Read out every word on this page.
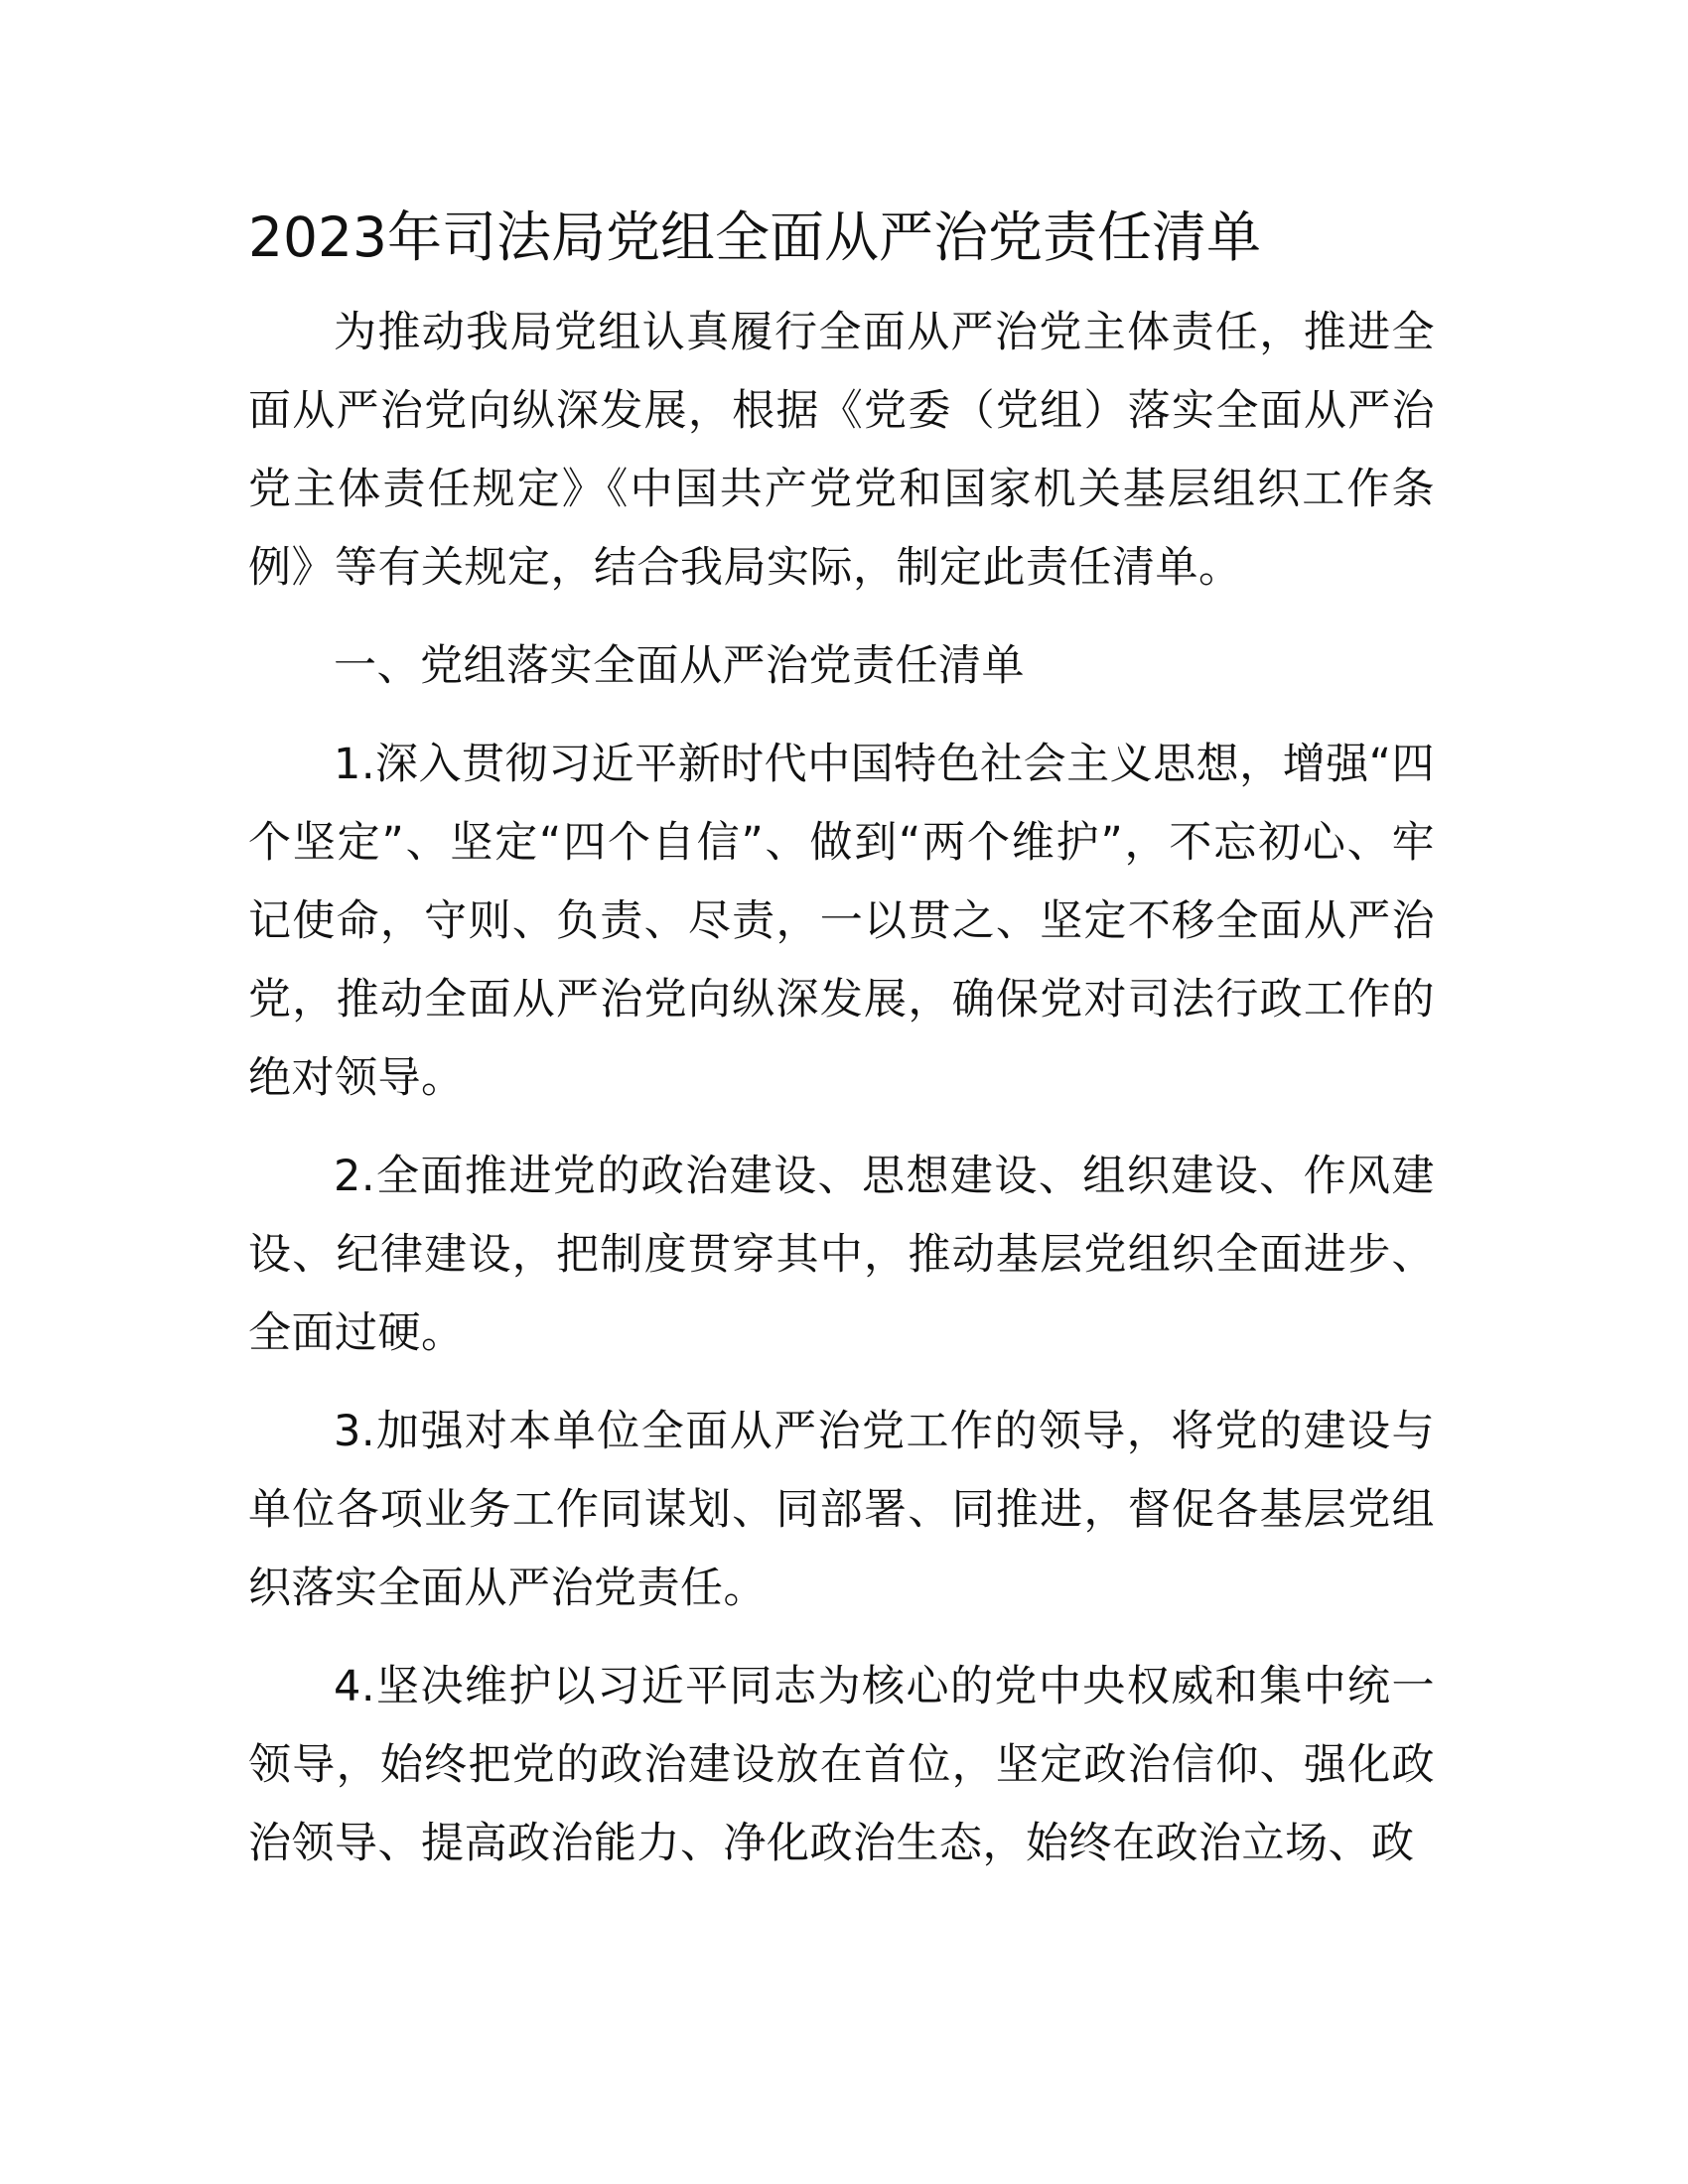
2023年司法局党组全面从严治党责任清单

为推动我局党组认真履行全面从严治党主体责任，推进全面从严治党向纵深发展，根据《党委（党组）落实全面从严治党主体责任规定》《中国共产党党和国家机关基层组织工作条例》等有关规定，结合我局实际，制定此责任清单。

一、党组落实全面从严治党责任清单

1.深入贯彻习近平新时代中国特色社会主义思想，增强“四个坚定”、坚定“四个自信”、做到“两个维护”，不忘初心、牢记使命，守则、负责、尽责，一以贯之、坚定不移全面从严治党，推动全面从严治党向纵深发展，确保党对司法行政工作的绝对领导。

2.全面推进党的政治建设、思想建设、组织建设、作风建设、纪律建设，把制度贯穿其中，推动基层党组织全面进步、全面过硬。

3.加强对本单位全面从严治党工作的领导，将党的建设与单位各项业务工作同谋划、同部署、同推进，督促各基层党组织落实全面从严治党责任。

4.坚决维护以习近平同志为核心的党中央权威和集中统一领导，始终把党的政治建设放在首位，坚定政治信仰、强化政治领导、提高政治能力、净化政治生态，始终在政治立场、政
